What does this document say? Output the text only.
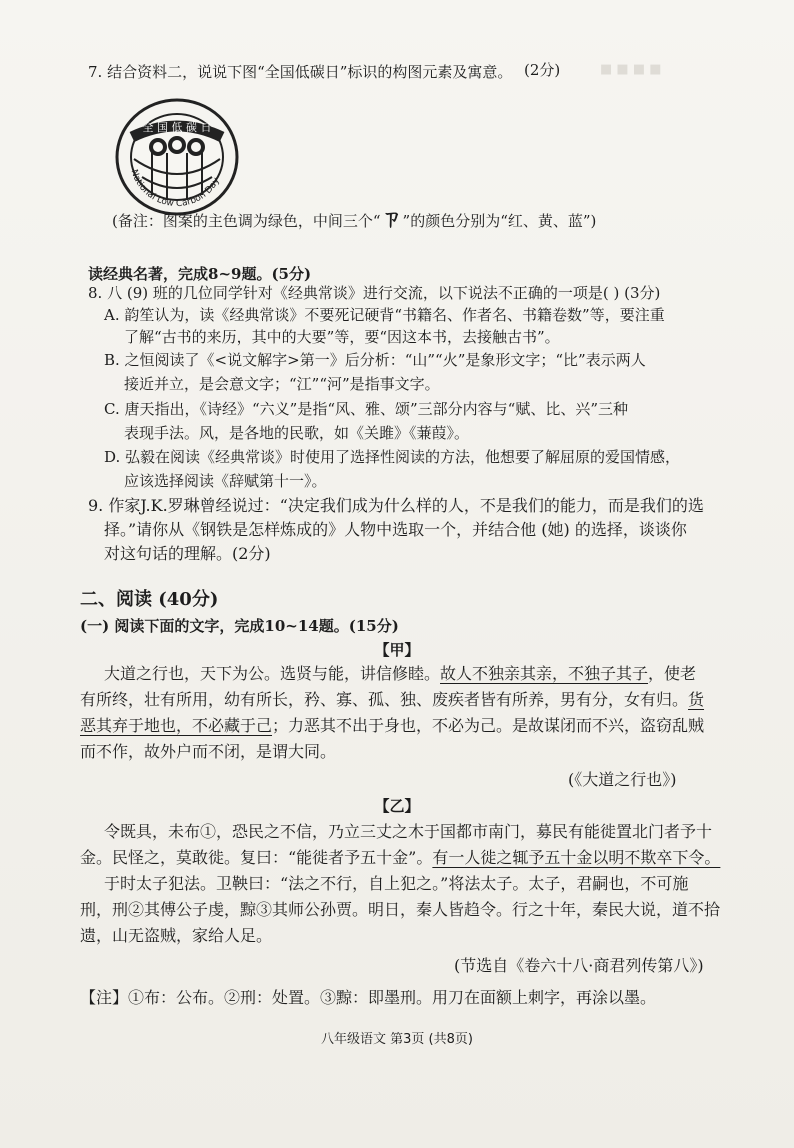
■ ■ ■ ■
7. 结合资料二，说说下图“全国低碳日”标识的构图元素及寓意。 (2分)
全 国 低 碳 日
National Low Carbon Day
(备注：图案的主色调为绿色，中间三个“ㄗ”的颜色分别为“红、黄、蓝”)
读经典名著，完成8~9题。(5分)
8. 八 (9) 班的几位同学针对《经典常谈》进行交流，以下说法不正确的一项是( ) (3分)
A. 韵笙认为，读《经典常谈》不要死记硬背“书籍名、作者名、书籍卷数”等，要注重
了解“古书的来历，其中的大要”等，要“因这本书，去接触古书”。
B. 之恒阅读了《<说文解字>第一》后分析：“山”“火”是象形文字；“比”表示两人
接近并立，是会意文字；“江”“河”是指事文字。
C. 唐天指出，《诗经》“六义”是指“风、雅、颂”三部分内容与“赋、比、兴”三种
表现手法。风，是各地的民歌，如《关雎》《蒹葭》。
D. 弘毅在阅读《经典常谈》时使用了选择性阅读的方法，他想要了解屈原的爱国情感，
应该选择阅读《辞赋第十一》。
9. 作家J.K.罗琳曾经说过：“决定我们成为什么样的人，不是我们的能力，而是我们的选
择。”请你从《钢铁是怎样炼成的》人物中选取一个，并结合他 (她) 的选择，谈谈你
对这句话的理解。(2分)
二、阅读 (40分)
(一) 阅读下面的文字，完成10~14题。(15分)
【甲】
大道之行也，天下为公。选贤与能，讲信修睦。故人不独亲其亲，不独子其子，使老
有所终，壮有所用，幼有所长，矜、寡、孤、独、废疾者皆有所养，男有分，女有归。货
恶其弃于地也，不必藏于己；力恶其不出于身也，不必为己。是故谋闭而不兴，盗窃乱贼
而不作，故外户而不闭，是谓大同。
(《大道之行也》)
【乙】
令既具，未布①，恐民之不信，乃立三丈之木于国都市南门，募民有能徙置北门者予十
金。民怪之，莫敢徙。复曰：“能徙者予五十金”。有一人徙之辄予五十金以明不欺卒下令。
于时太子犯法。卫鞅曰：“法之不行，自上犯之。”将法太子。太子，君嗣也，不可施
刑，刑②其傅公子虔，黥③其师公孙贾。明日，秦人皆趋令。行之十年，秦民大说，道不拾
遗，山无盗贼，家给人足。
(节选自《卷六十八·商君列传第八》)
【注】①布：公布。②刑：处置。③黥：即墨刑。用刀在面额上刺字，再涂以墨。
八年级语文 第3页 (共8页)
